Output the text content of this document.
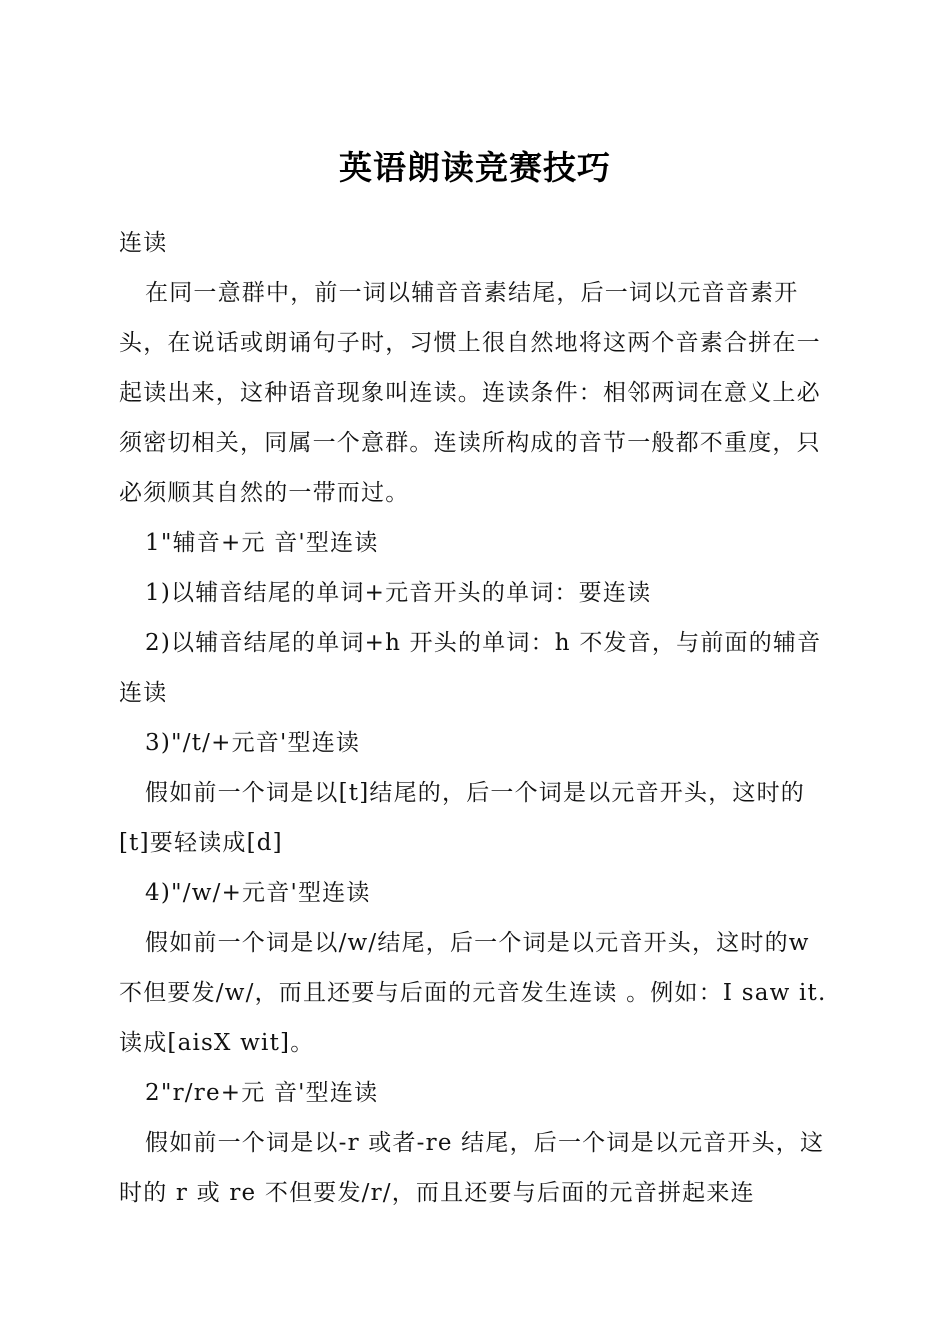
英语朗读竞赛技巧

连读

在同一意群中，前一词以辅音音素结尾，后一词以元音音素开头，在说话或朗诵句子时，习惯上很自然地将这两个音素合拼在一起读出来，这种语音现象叫连读。连读条件：相邻两词在意义上必须密切相关，同属一个意群。连读所构成的音节一般都不重度，只必须顺其自然的一带而过。

1"辅音+元 音'型连读

1)以辅音结尾的单词+元音开头的单词：要连读

2)以辅音结尾的单词+h 开头的单词：h 不发音，与前面的辅音连读

3)"/t/+元音'型连读

假如前一个词是以[t]结尾的，后一个词是以元音开头，这时的[t]要轻读成[d]

4)"/w/+元音'型连读

假如前一个词是以/w/结尾，后一个词是以元音开头，这时的w 不但要发/w/，而且还要与后面的元音发生连读 。例如：I saw it.读成[aisX wit]。

2"r/re+元 音'型连读

假如前一个词是以-r 或者-re 结尾，后一个词是以元音开头，这时的 r 或 re 不但要发/r/，而且还要与后面的元音拼起来连
